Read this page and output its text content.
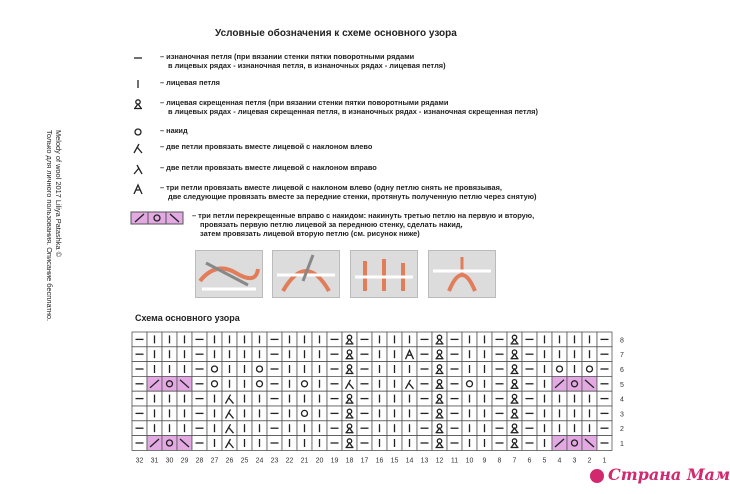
Условные обозначения к схеме основного узора
Melody of wool 2017 Liliya Patashka ©
Только для личного пользования. Описание бесплатно.
– изнаночная петля (при вязании стенки пятки поворотными рядами
в лицевых рядах - изнаночная петля, в изнаночных рядах - лицевая петля)
– лицевая петля
– лицевая скрещенная петля (при вязании стенки пятки поворотными рядами
в лицевых рядах - лицевая скрещенная петля, в изнаночных рядах - изнаночная скрещенная петля)
– накид
– две петли провязать вместе лицевой с наклоном влево
– две петли провязать вместе лицевой с наклоном вправо
– три петли провязать вместе лицевой с наклоном влево (одну петлю снять не провязывая,
две следующие провязать вместе за передние стенки, протянуть полученную петлю через снятую)
– три петли перекрещенные вправо с накидом: накинуть третью петлю на первую и вторую,
провязать первую петлю лицевой за переднюю стенку, сделать накид,
затем провязать лицевой вторую петлю (см. рисунок ниже)
Схема основного узора
8
7
6
5
4
3
2
1
32 31 30 29 28 27 26 25 24 23 22 21 20 19 18 17 16 15 14 13 12 11 10 9 8 7 6 5 4 3 2 1
Страна Мам
